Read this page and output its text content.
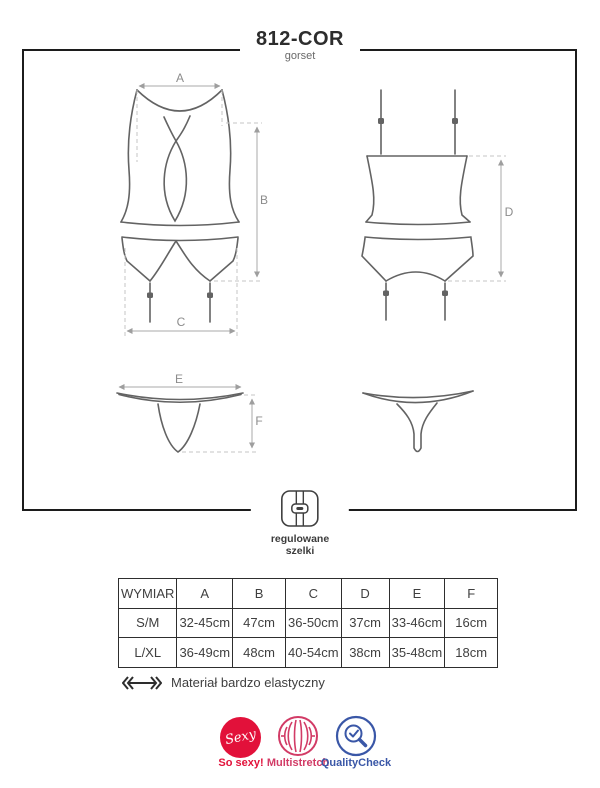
812-COR
gorset
A
B
C
D
E
F
regulowane
szelki
WYMIAR	A	B	C	D	E	F
S/M	32-45cm	47cm	36-50cm	37cm	33-46cm	16cm
L/XL	36-49cm	48cm	40-54cm	38cm	35-48cm	18cm
Materiał bardzo elastyczny
Sexy
So sexy! Multistretch
QualityCheck
